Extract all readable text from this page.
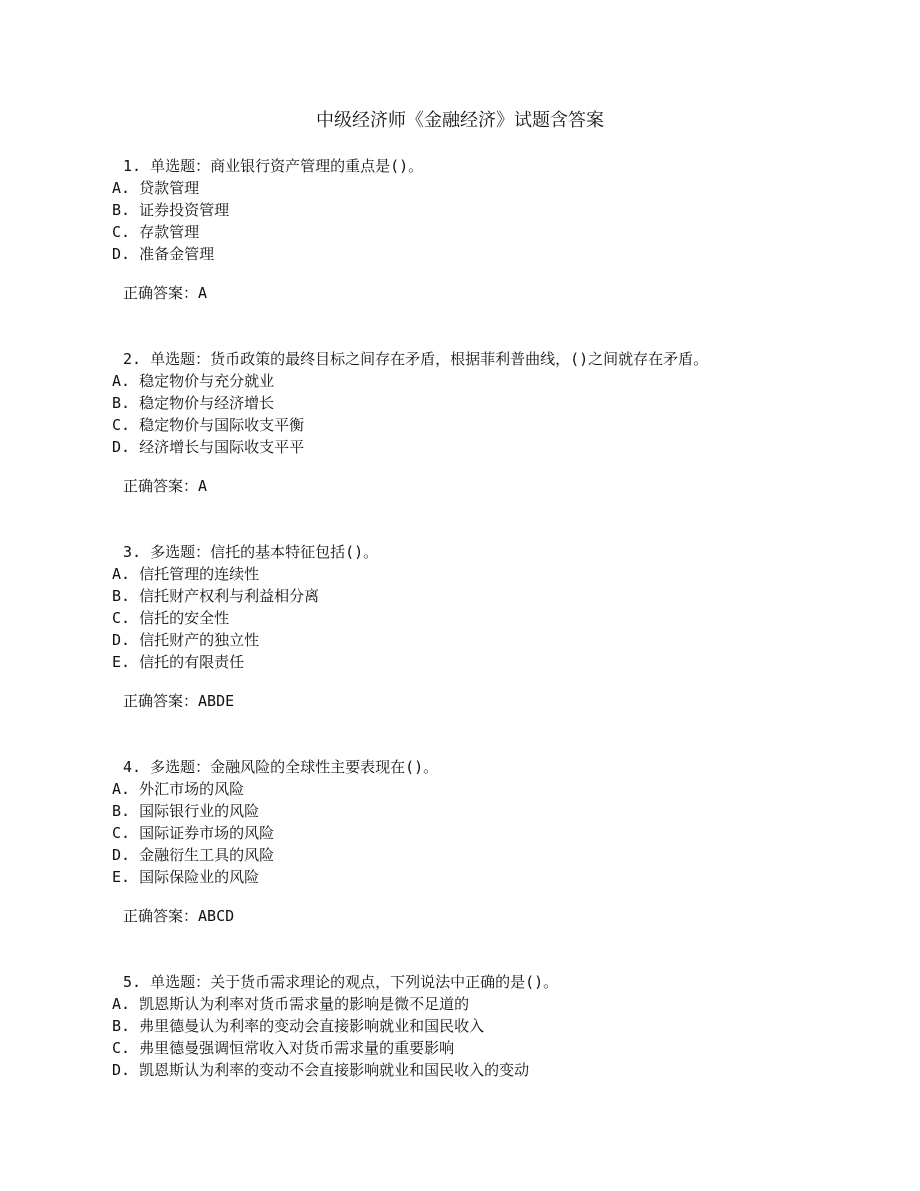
中级经济师《金融经济》试题含答案

1. 单选题：商业银行资产管理的重点是()。

A. 贷款管理

B. 证券投资管理

C. 存款管理

D. 准备金管理

正确答案：A

2. 单选题：货币政策的最终目标之间存在矛盾，根据菲利普曲线，()之间就存在矛盾。

A. 稳定物价与充分就业

B. 稳定物价与经济增长

C. 稳定物价与国际收支平衡

D. 经济增长与国际收支平平

正确答案：A

3. 多选题：信托的基本特征包括()。

A. 信托管理的连续性

B. 信托财产权利与利益相分离

C. 信托的安全性

D. 信托财产的独立性

E. 信托的有限责任

正确答案：ABDE

4. 多选题：金融风险的全球性主要表现在()。

A. 外汇市场的风险

B. 国际银行业的风险

C. 国际证券市场的风险

D. 金融衍生工具的风险

E. 国际保险业的风险

正确答案：ABCD

5. 单选题：关于货币需求理论的观点，下列说法中正确的是()。

A. 凯恩斯认为利率对货币需求量的影响是微不足道的

B. 弗里德曼认为利率的变动会直接影响就业和国民收入

C. 弗里德曼强调恒常收入对货币需求量的重要影响

D. 凯恩斯认为利率的变动不会直接影响就业和国民收入的变动
